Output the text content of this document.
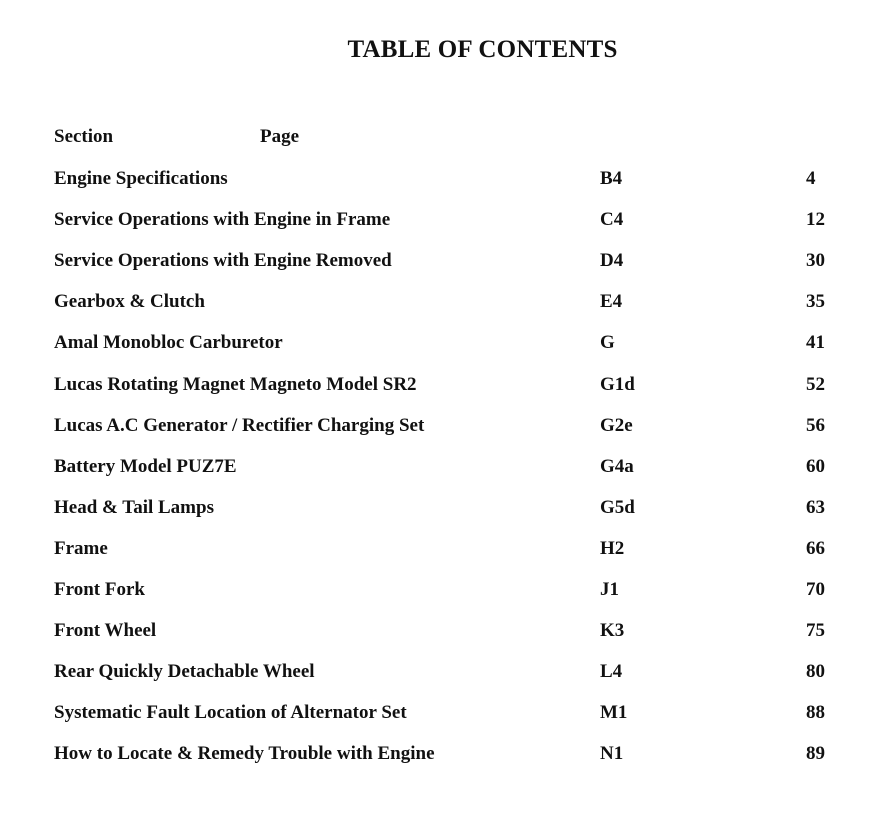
TABLE OF CONTENTS
Section	Page
Engine Specifications	B4	4
Service Operations with Engine in Frame	C4	12
Service Operations with Engine Removed	D4	30
Gearbox & Clutch	E4	35
Amal Monobloc Carburetor	G	41
Lucas Rotating Magnet Magneto Model SR2	G1d	52
Lucas A.C Generator / Rectifier Charging Set	G2e	56
Battery Model PUZ7E	G4a	60
Head & Tail Lamps	G5d	63
Frame	H2	66
Front Fork	J1	70
Front Wheel	K3	75
Rear Quickly Detachable Wheel	L4	80
Systematic Fault Location of Alternator Set	M1	88
How to Locate & Remedy Trouble with Engine	N1	89
